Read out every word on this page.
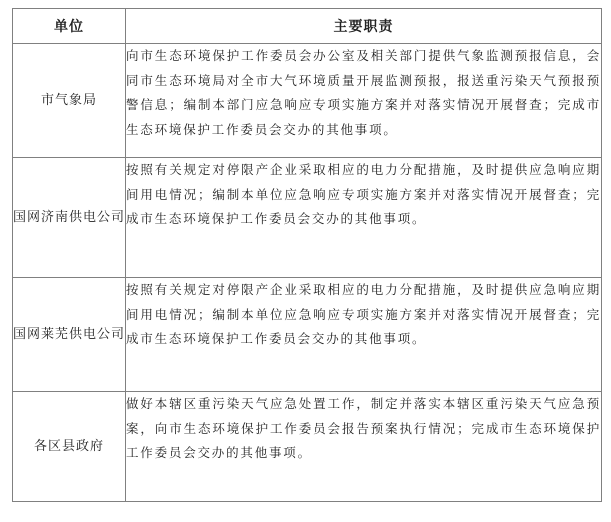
单位	主要职责
市气象局	向市生态环境保护工作委员会办公室及相关部门提供气象监测预报信息，会同市生态环境局对全市大气环境质量开展监测预报，报送重污染天气预报预警信息；编制本部门应急响应专项实施方案并对落实情况开展督查；完成市生态环境保护工作委员会交办的其他事项。
国网济南供电公司	按照有关规定对停限产企业采取相应的电力分配措施，及时提供应急响应期间用电情况；编制本单位应急响应专项实施方案并对落实情况开展督查；完成市生态环境保护工作委员会交办的其他事项。
国网莱芜供电公司	按照有关规定对停限产企业采取相应的电力分配措施，及时提供应急响应期间用电情况；编制本单位应急响应专项实施方案并对落实情况开展督查；完成市生态环境保护工作委员会交办的其他事项。
各区县政府	做好本辖区重污染天气应急处置工作，制定并落实本辖区重污染天气应急预案，向市生态环境保护工作委员会报告预案执行情况；完成市生态环境保护工作委员会交办的其他事项。
